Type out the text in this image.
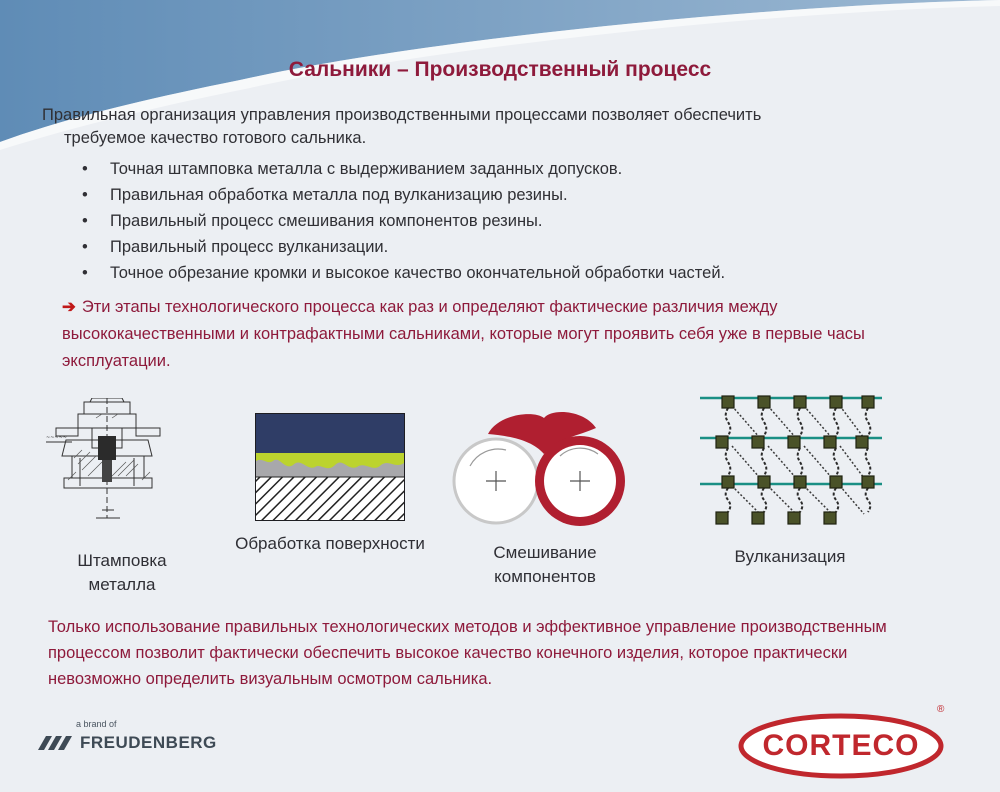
Сальники – Производственный процесс
Правильная организация управления производственными процессами позволяет обеспечить
требуемое качество готового сальника.
• Точная штамповка металла с выдерживанием заданных допусков.
• Правильная обработка металла под вулканизацию резины.
• Правильный процесс смешивания компонентов резины.
• Правильный процесс вулканизации.
• Точное обрезание кромки и высокое качество окончательной обработки частей.
➔ Эти этапы технологического процесса как раз и определяют фактические различия между высококачественными и контрафактными сальниками, которые могут проявить себя уже в первые часы эксплуатации.
~~~~~
Штамповка
металла
Обработка поверхности	Смешивание
компонентов
Вулканизация
Только использование правильных технологических методов и эффективное управление производственным процессом позволит фактически обеспечить высокое качество конечного изделия, которое практически невозможно определить визуальным осмотром сальника.
a brand of
FREUDENBERG	CORTECO
®
